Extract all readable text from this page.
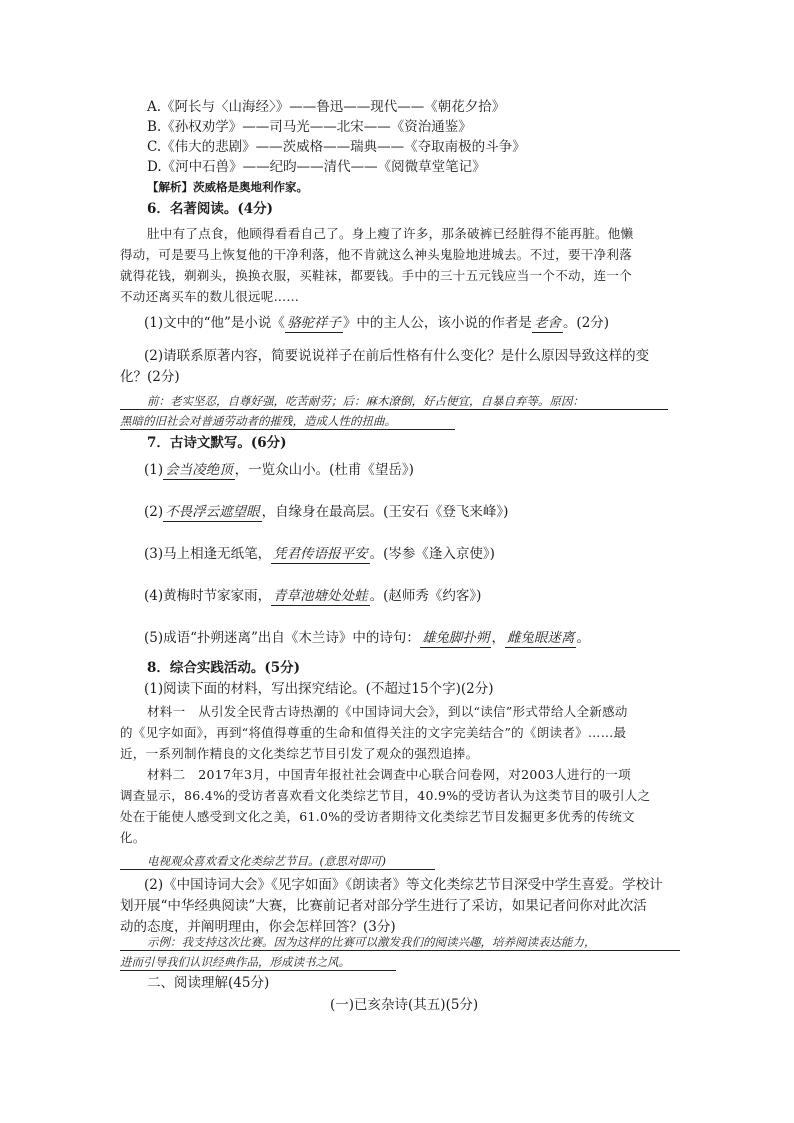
A.《阿长与〈山海经〉》——鲁迅——现代——《朝花夕拾》
B.《孙权劝学》——司马光——北宋——《资治通鉴》
C.《伟大的悲剧》——茨威格——瑞典——《夺取南极的斗争》
D.《河中石兽》——纪昀——清代——《阅微草堂笔记》
【解析】茨威格是奥地利作家。
6．名著阅读。(4分)
肚中有了点食，他顾得看看自己了。身上瘦了许多，那条破裤已经脏得不能再脏。他懒
得动，可是要马上恢复他的干净利落，他不肯就这么神头鬼脸地进城去。不过，要干净利落
就得花钱，剃剃头，换换衣服，买鞋袜，都要钱。手中的三十五元钱应当一个不动，连一个
不动还离买车的数儿很远呢……
(1)文中的“他”是小说《 骆驼祥子 》中的主人公，该小说的作者是 老舍 。(2分)
(2)请联系原著内容，简要说说祥子在前后性格有什么变化？是什么原因导致这样的变
化？(2分)
前：老实坚忍，自尊好强，吃苦耐劳；后：麻木潦倒，好占便宜，自暴自弃等。原因：
黑暗的旧社会对普通劳动者的摧残，造成人性的扭曲。
7．古诗文默写。(6分)
(1) 会当凌绝顶 ，一览众山小。(杜甫《望岳》)
(2) 不畏浮云遮望眼 ，自缘身在最高层。(王安石《登飞来峰》)
(3)马上相逢无纸笔， 凭君传语报平安 。(岑参《逢入京使》)
(4)黄梅时节家家雨， 青草池塘处处蛙 。(赵师秀《约客》)
(5)成语“扑朔迷离”出自《木兰诗》中的诗句： 雄兔脚扑朔 ， 雌兔眼迷离 。
8．综合实践活动。(5分)
(1)阅读下面的材料，写出探究结论。(不超过15个字)(2分)
材料一　从引发全民背古诗热潮的《中国诗词大会》，到以“读信”形式带给人全新感动
的《见字如面》，再到“将值得尊重的生命和值得关注的文字完美结合”的《朗读者》……最
近，一系列制作精良的文化类综艺节目引发了观众的强烈追捧。
材料二　2017年3月，中国青年报社社会调查中心联合问卷网，对2003人进行的一项
调查显示，86.4%的受访者喜欢看文化类综艺节目，40.9%的受访者认为这类节目的吸引人之
处在于能使人感受到文化之美，61.0%的受访者期待文化类综艺节目发掘更多优秀的传统文
化。
电视观众喜欢看文化类综艺节目。(意思对即可)
(2)《中国诗词大会》《见字如面》《朗读者》等文化类综艺节目深受中学生喜爱。学校计
划开展“中华经典阅读”大赛，比赛前记者对部分学生进行了采访，如果记者问你对此次活
动的态度，并阐明理由，你会怎样回答？(3分)
示例：我支持这次比赛。因为这样的比赛可以激发我们的阅读兴趣，培养阅读表达能力，
进而引导我们认识经典作品，形成读书之风。
二、阅读理解(45分)
(一)已亥杂诗(其五)(5分)
